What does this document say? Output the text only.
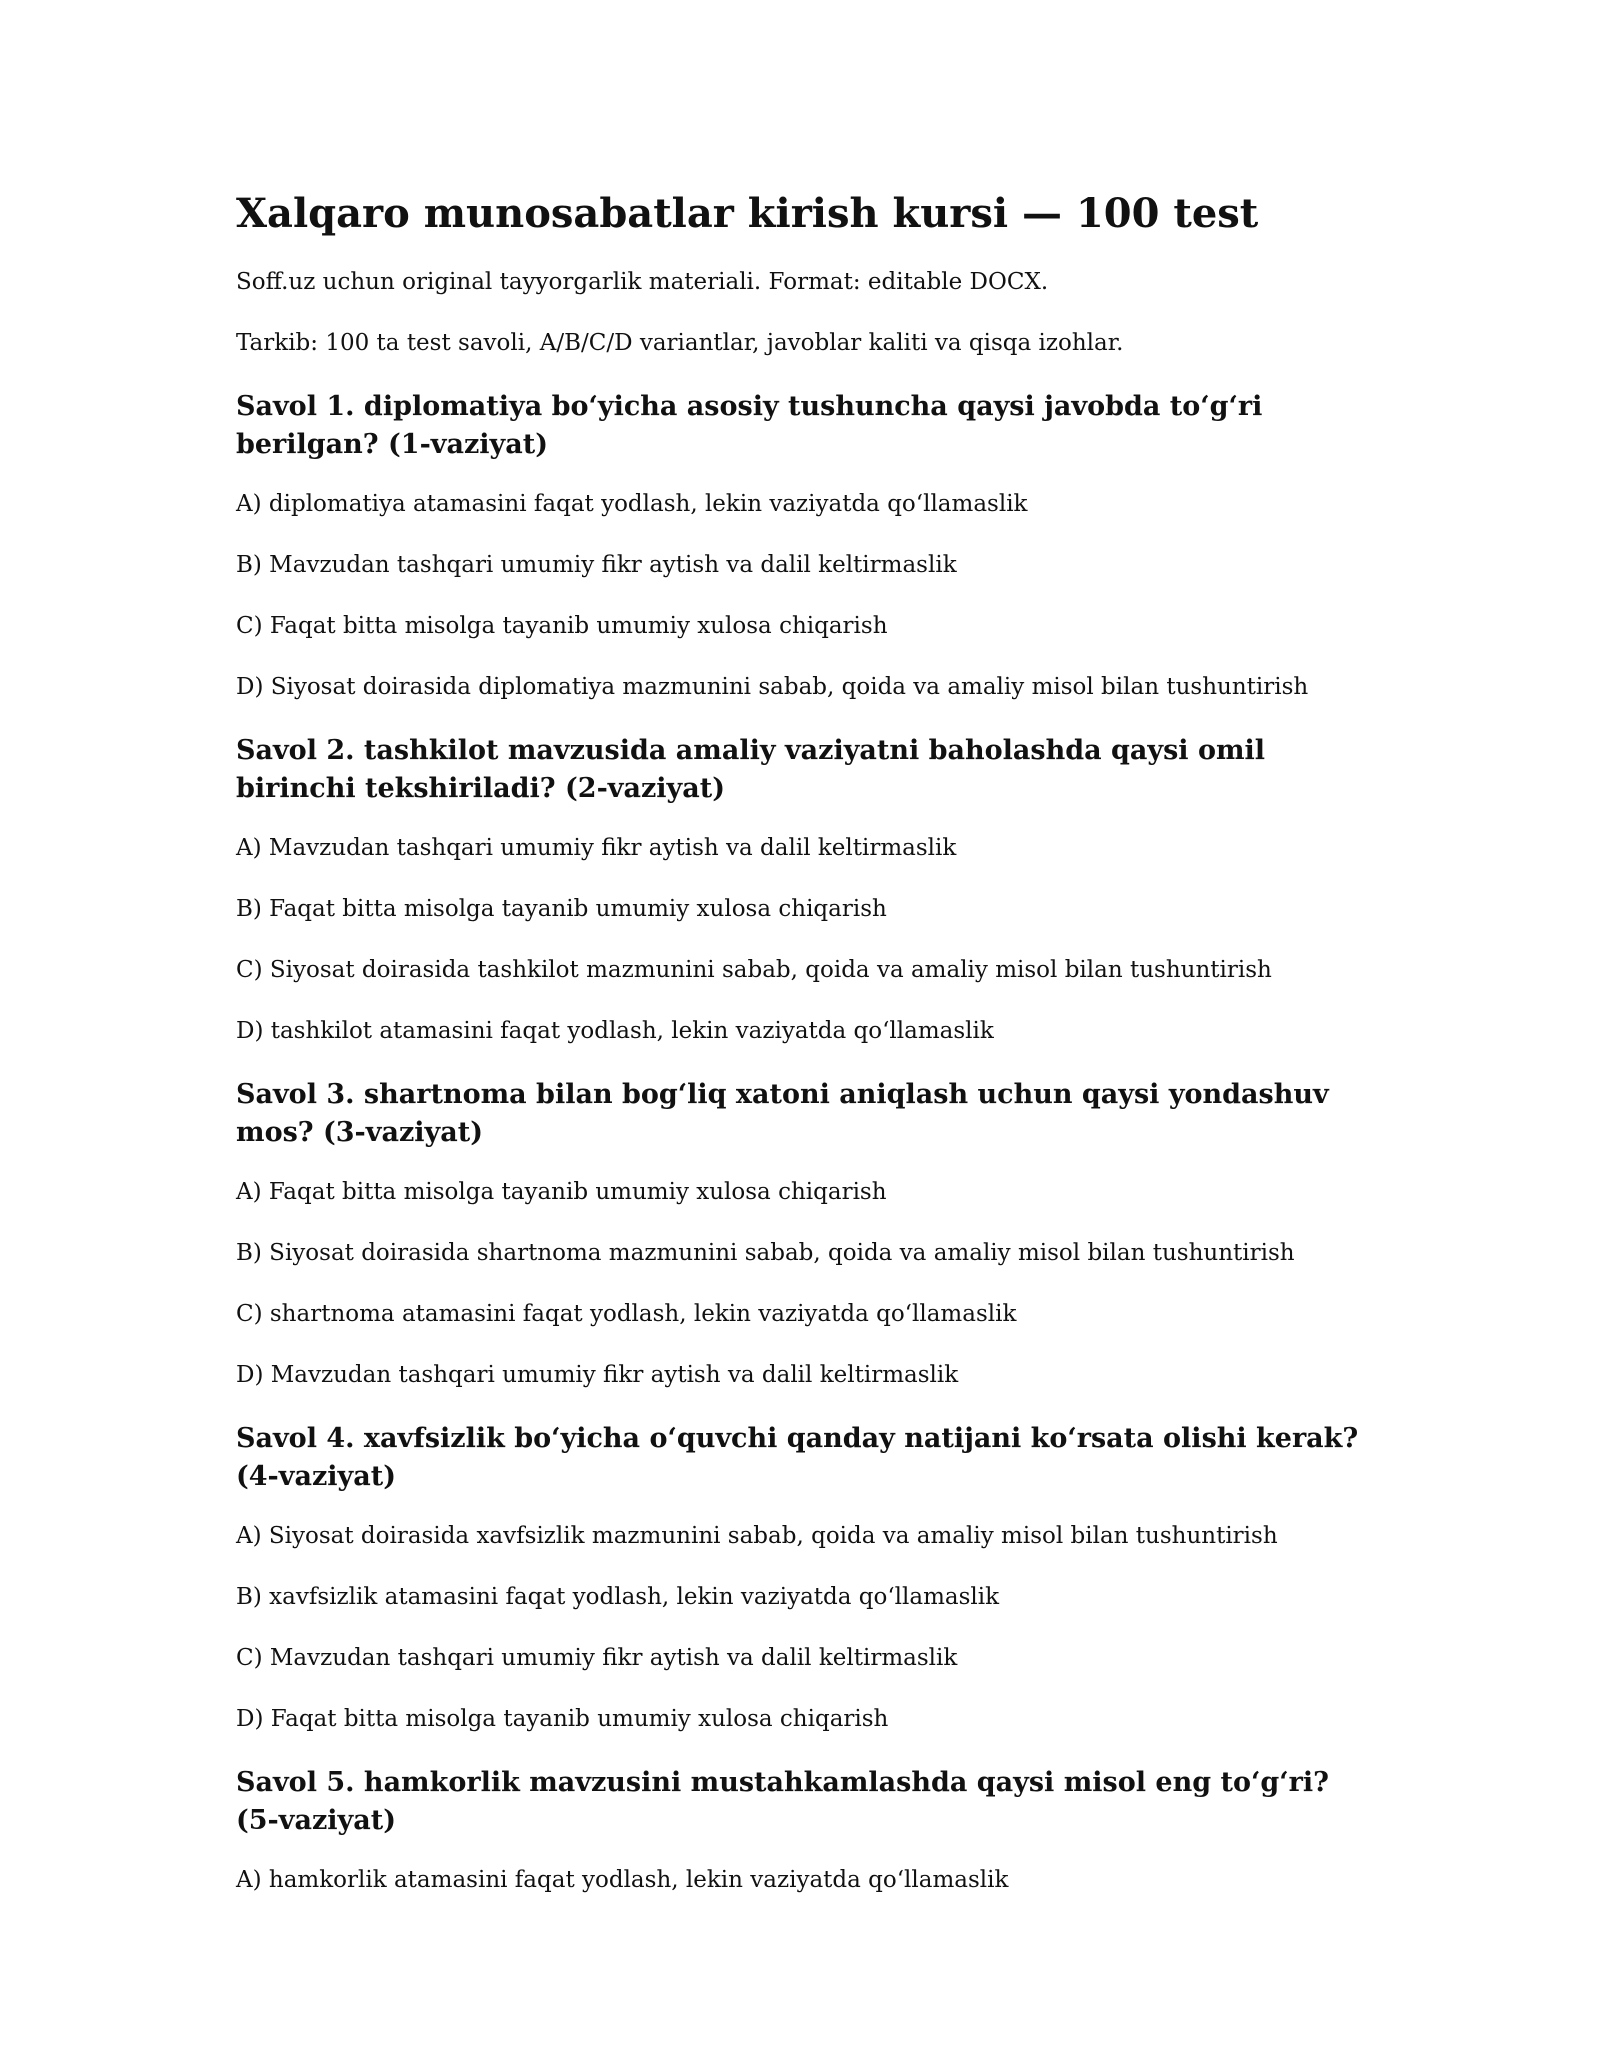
Xalqaro munosabatlar kirish kursi — 100 test

Soff.uz uchun original tayyorgarlik materiali. Format: editable DOCX.

Tarkib: 100 ta test savoli, A/B/C/D variantlar, javoblar kaliti va qisqa izohlar.

Savol 1. diplomatiya bo‘yicha asosiy tushuncha qaysi javobda to‘g‘ri berilgan? (1-vaziyat)

A) diplomatiya atamasini faqat yodlash, lekin vaziyatda qo‘llamaslik

B) Mavzudan tashqari umumiy fikr aytish va dalil keltirmaslik

C) Faqat bitta misolga tayanib umumiy xulosa chiqarish

D) Siyosat doirasida diplomatiya mazmunini sabab, qoida va amaliy misol bilan tushuntirish

Savol 2. tashkilot mavzusida amaliy vaziyatni baholashda qaysi omil birinchi tekshiriladi? (2-vaziyat)

A) Mavzudan tashqari umumiy fikr aytish va dalil keltirmaslik

B) Faqat bitta misolga tayanib umumiy xulosa chiqarish

C) Siyosat doirasida tashkilot mazmunini sabab, qoida va amaliy misol bilan tushuntirish

D) tashkilot atamasini faqat yodlash, lekin vaziyatda qo‘llamaslik

Savol 3. shartnoma bilan bog‘liq xatoni aniqlash uchun qaysi yondashuv mos? (3-vaziyat)

A) Faqat bitta misolga tayanib umumiy xulosa chiqarish

B) Siyosat doirasida shartnoma mazmunini sabab, qoida va amaliy misol bilan tushuntirish

C) shartnoma atamasini faqat yodlash, lekin vaziyatda qo‘llamaslik

D) Mavzudan tashqari umumiy fikr aytish va dalil keltirmaslik

Savol 4. xavfsizlik bo‘yicha o‘quvchi qanday natijani ko‘rsata olishi kerak? (4-vaziyat)

A) Siyosat doirasida xavfsizlik mazmunini sabab, qoida va amaliy misol bilan tushuntirish

B) xavfsizlik atamasini faqat yodlash, lekin vaziyatda qo‘llamaslik

C) Mavzudan tashqari umumiy fikr aytish va dalil keltirmaslik

D) Faqat bitta misolga tayanib umumiy xulosa chiqarish

Savol 5. hamkorlik mavzusini mustahkamlashda qaysi misol eng to‘g‘ri? (5-vaziyat)

A) hamkorlik atamasini faqat yodlash, lekin vaziyatda qo‘llamaslik
